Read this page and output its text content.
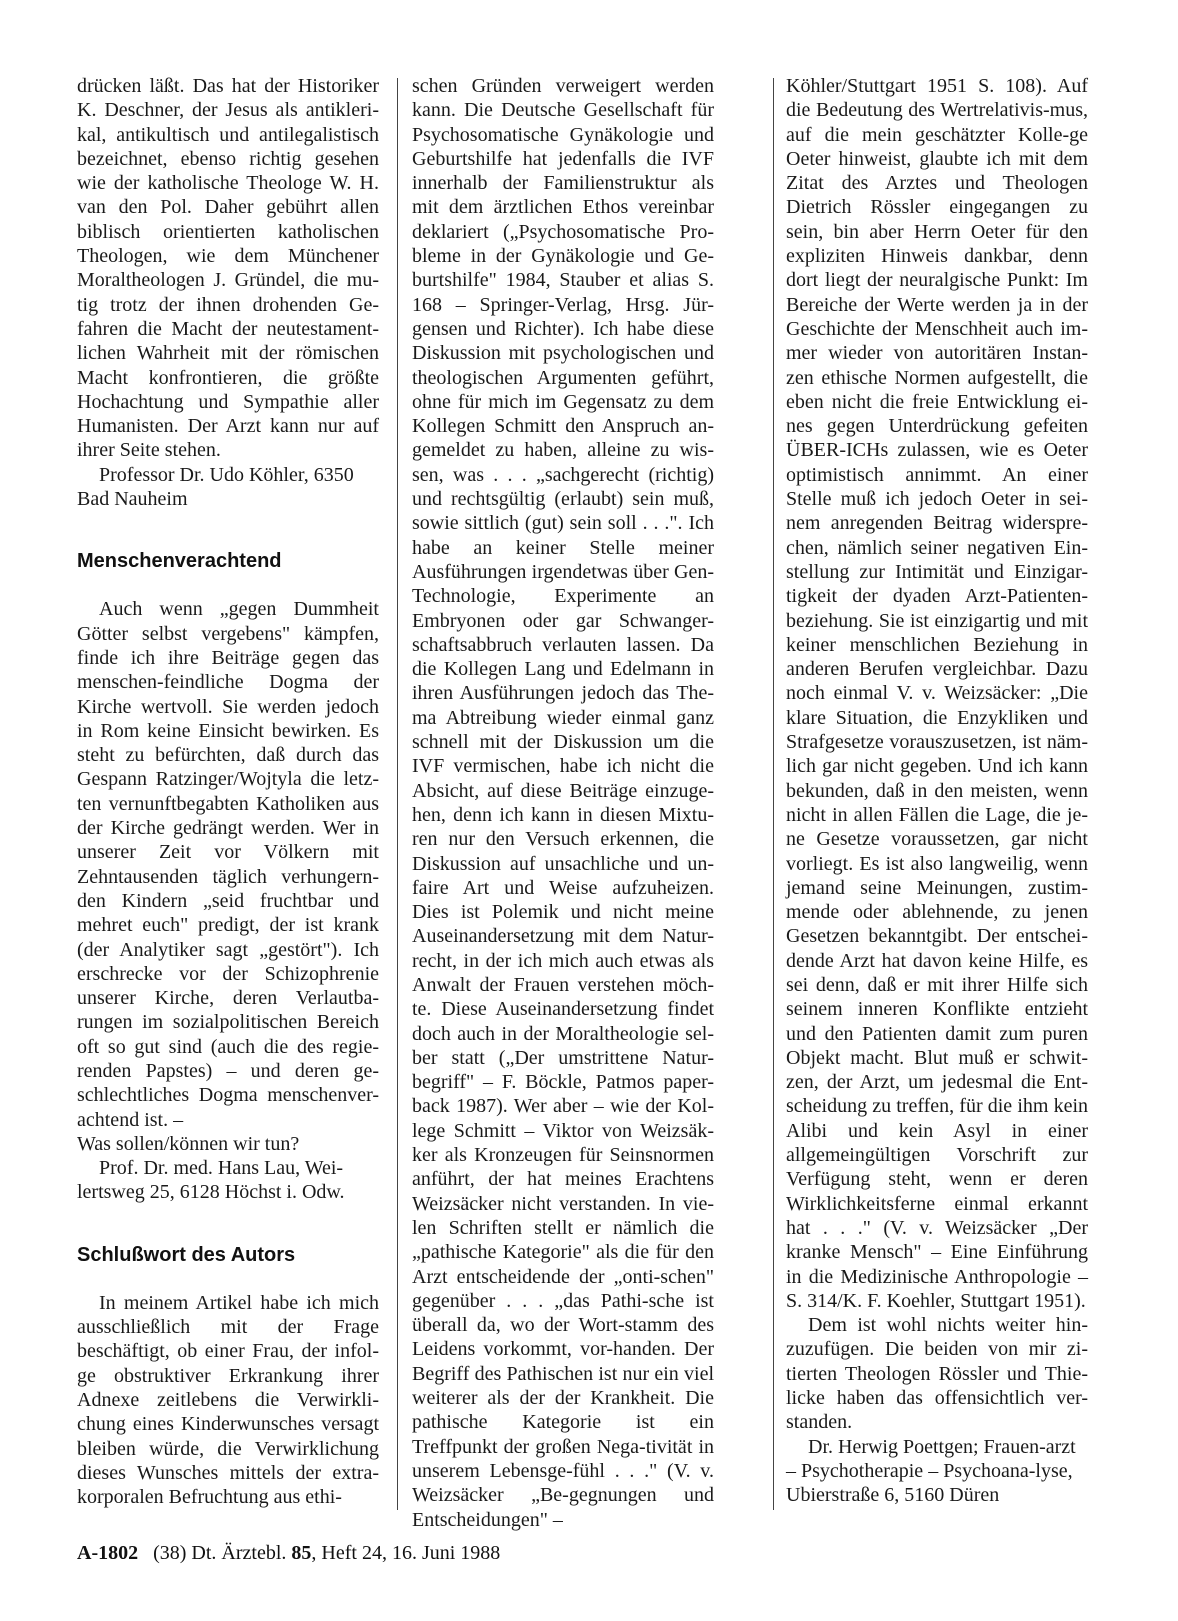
drücken läßt. Das hat der Historiker K. Deschner, der Jesus als antikleri-kal, antikultisch und antilegalistisch bezeichnet, ebenso richtig gesehen wie der katholische Theologe W. H. van den Pol. Daher gebührt allen biblisch orientierten katholischen Theologen, wie dem Münchener Moraltheologen J. Gründel, die mu-tig trotz der ihnen drohenden Ge-fahren die Macht der neutestament-lichen Wahrheit mit der römischen Macht konfrontieren, die größte Hochachtung und Sympathie aller Humanisten. Der Arzt kann nur auf ihrer Seite stehen.

Professor Dr. Udo Köhler, 6350 Bad Nauheim

Menschenverachtend

Auch wenn „gegen Dummheit Götter selbst vergebens" kämpfen, finde ich ihre Beiträge gegen das menschen-feindliche Dogma der Kirche wertvoll. Sie werden jedoch in Rom keine Einsicht bewirken. Es steht zu befürchten, daß durch das Gespann Ratzinger/Wojtyla die letz-ten vernunftbegabten Katholiken aus der Kirche gedrängt werden. Wer in unserer Zeit vor Völkern mit Zehntausenden täglich verhungern-den Kindern „seid fruchtbar und mehret euch" predigt, der ist krank (der Analytiker sagt „gestört"). Ich erschrecke vor der Schizophrenie unserer Kirche, deren Verlautba-rungen im sozialpolitischen Bereich oft so gut sind (auch die des regie-renden Papstes) – und deren ge-schlechtliches Dogma menschenver-achtend ist. –

Was sollen/können wir tun?

Prof. Dr. med. Hans Lau, Wei-lertsweg 25, 6128 Höchst i. Odw.

Schlußwort des Autors

In meinem Artikel habe ich mich ausschließlich mit der Frage beschäftigt, ob einer Frau, der infol-ge obstruktiver Erkrankung ihrer Adnexe zeitlebens die Verwirkli-chung eines Kinderwunsches versagt bleiben würde, die Verwirklichung dieses Wunsches mittels der extra-korporalen Befruchtung aus ethi-

schen Gründen verweigert werden kann. Die Deutsche Gesellschaft für Psychosomatische Gynäkologie und Geburtshilfe hat jedenfalls die IVF innerhalb der Familienstruktur als mit dem ärztlichen Ethos vereinbar deklariert („Psychosomatische Pro-bleme in der Gynäkologie und Ge-burtshilfe" 1984, Stauber et alias S. 168 – Springer-Verlag, Hrsg. Jür-gensen und Richter). Ich habe diese Diskussion mit psychologischen und theologischen Argumenten geführt, ohne für mich im Gegensatz zu dem Kollegen Schmitt den Anspruch an-gemeldet zu haben, alleine zu wis-sen, was . . . „sachgerecht (richtig) und rechtsgültig (erlaubt) sein muß, sowie sittlich (gut) sein soll . . .". Ich habe an keiner Stelle meiner Ausführungen irgendetwas über Gen-Technologie, Experimente an Embryonen oder gar Schwanger-schaftsabbruch verlauten lassen. Da die Kollegen Lang und Edelmann in ihren Ausführungen jedoch das The-ma Abtreibung wieder einmal ganz schnell mit der Diskussion um die IVF vermischen, habe ich nicht die Absicht, auf diese Beiträge einzuge-hen, denn ich kann in diesen Mixtu-ren nur den Versuch erkennen, die Diskussion auf unsachliche und un-faire Art und Weise aufzuheizen. Dies ist Polemik und nicht meine Auseinandersetzung mit dem Natur-recht, in der ich mich auch etwas als Anwalt der Frauen verstehen möch-te. Diese Auseinandersetzung findet doch auch in der Moraltheologie sel-ber statt („Der umstrittene Natur-begriff" – F. Böckle, Patmos paper-back 1987). Wer aber – wie der Kol-lege Schmitt – Viktor von Weizsäk-ker als Kronzeugen für Seinsnormen anführt, der hat meines Erachtens Weizsäcker nicht verstanden. In vie-len Schriften stellt er nämlich die „pathische Kategorie" als die für den Arzt entscheidende der „onti-schen" gegenüber . . . „das Pathi-sche ist überall da, wo der Wort-stamm des Leidens vorkommt, vor-handen. Der Begriff des Pathischen ist nur ein viel weiterer als der der Krankheit. Die pathische Kategorie ist ein Treffpunkt der großen Nega-tivität in unserem Lebensge-fühl . . ." (V. v. Weizsäcker „Be-gegnungen und Entscheidungen" –

Köhler/Stuttgart 1951 S. 108). Auf die Bedeutung des Wertrelativis-mus, auf die mein geschätzter Kolle-ge Oeter hinweist, glaubte ich mit dem Zitat des Arztes und Theologen Dietrich Rössler eingegangen zu sein, bin aber Herrn Oeter für den expliziten Hinweis dankbar, denn dort liegt der neuralgische Punkt: Im Bereiche der Werte werden ja in der Geschichte der Menschheit auch im-mer wieder von autoritären Instan-zen ethische Normen aufgestellt, die eben nicht die freie Entwicklung ei-nes gegen Unterdrückung gefeiten ÜBER-ICHs zulassen, wie es Oeter optimistisch annimmt. An einer Stelle muß ich jedoch Oeter in sei-nem anregenden Beitrag widerspre-chen, nämlich seiner negativen Ein-stellung zur Intimität und Einzigar-tigkeit der dyaden Arzt-Patienten-beziehung. Sie ist einzigartig und mit keiner menschlichen Beziehung in anderen Berufen vergleichbar. Dazu noch einmal V. v. Weizsäcker: „Die klare Situation, die Enzykliken und Strafgesetze vorauszusetzen, ist näm-lich gar nicht gegeben. Und ich kann bekunden, daß in den meisten, wenn nicht in allen Fällen die Lage, die je-ne Gesetze voraussetzen, gar nicht vorliegt. Es ist also langweilig, wenn jemand seine Meinungen, zustim-mende oder ablehnende, zu jenen Gesetzen bekanntgibt. Der entschei-dende Arzt hat davon keine Hilfe, es sei denn, daß er mit ihrer Hilfe sich seinem inneren Konflikte entzieht und den Patienten damit zum puren Objekt macht. Blut muß er schwit-zen, der Arzt, um jedesmal die Ent-scheidung zu treffen, für die ihm kein Alibi und kein Asyl in einer allgemeingültigen Vorschrift zur Verfügung steht, wenn er deren Wirklichkeitsferne einmal erkannt hat . . ." (V. v. Weizsäcker „Der kranke Mensch" – Eine Einführung in die Medizinische Anthropologie – S. 314/K. F. Koehler, Stuttgart 1951).

Dem ist wohl nichts weiter hin-zuzufügen. Die beiden von mir zi-tierten Theologen Rössler und Thie-licke haben das offensichtlich ver-standen.

Dr. Herwig Poettgen; Frauen-arzt – Psychotherapie – Psychoana-lyse, Ubierstraße 6, 5160 Düren

A-1802 (38) Dt. Ärztebl. 85, Heft 24, 16. Juni 1988
